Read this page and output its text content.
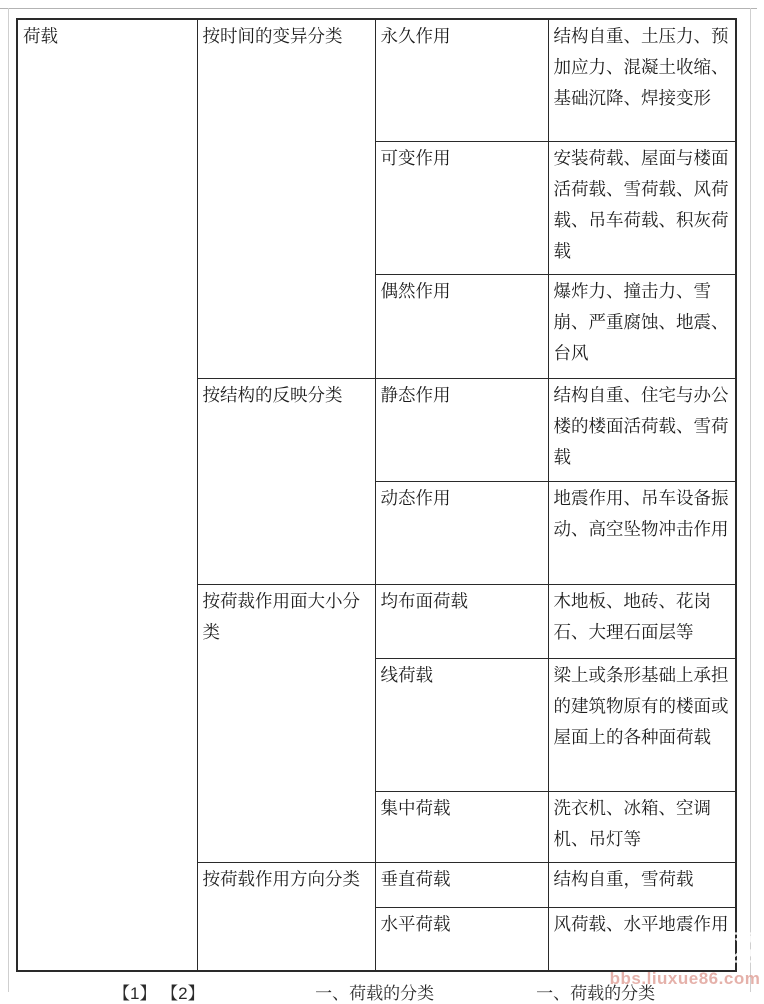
荷载	按时间的变异分类	永久作用	结构自重、土压力、预加应力、混凝土收缩、基础沉降、焊接变形
		可变作用	安装荷载、屋面与楼面活荷载、雪荷载、风荷载、吊车荷载、积灰荷载
		偶然作用	爆炸力、撞击力、雪崩、严重腐蚀、地震、台风
	按结构的反映分类	静态作用	结构自重、住宅与办公楼的楼面活荷载、雪荷载
		动态作用	地震作用、吊车设备振动、高空坠物冲击作用
	按荷裁作用面大小分类	均布面荷载	木地板、地砖、花岗石、大理石面层等
		线荷载	梁上或条形基础上承担的建筑物原有的楼面或屋面上的各种面荷载
		集中荷载	洗衣机、冰箱、空调机、吊灯等
	按荷载作用方向分类	垂直荷载	结构自重，雪荷载
		水平荷载	风荷载、水平地震作用
【1】 【2】　　　　　　　一、荷载的分类　　　　　　一、荷载的分类
留学社区
bbs.liuxue86.com
